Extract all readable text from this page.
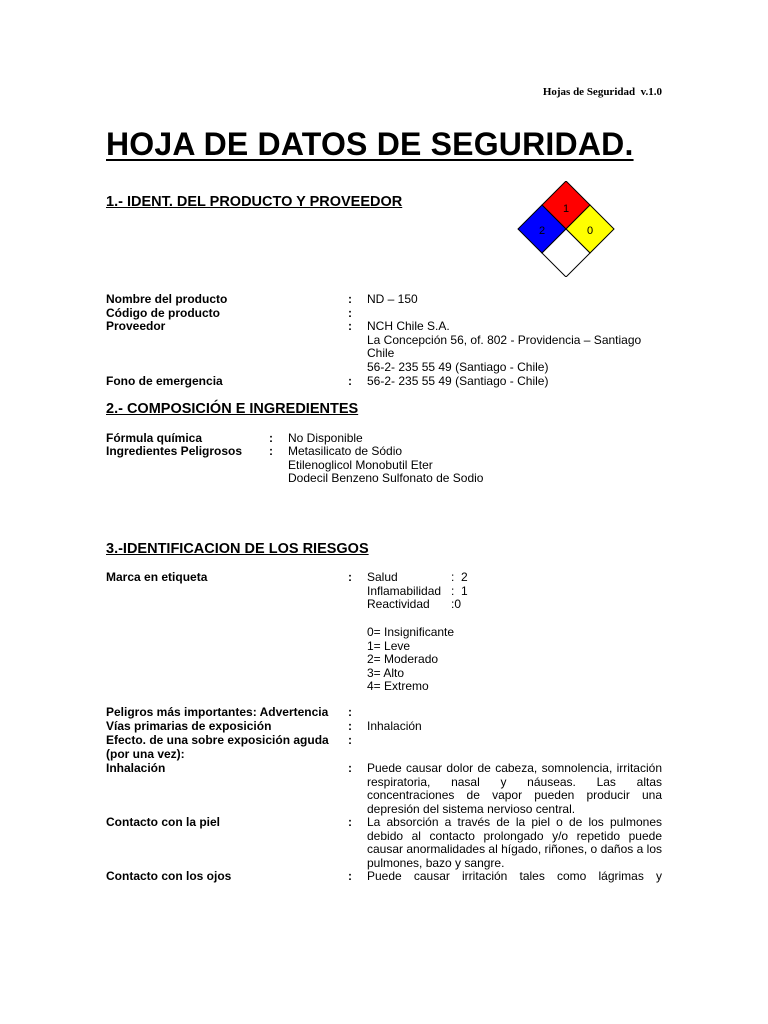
Hojas de Seguridad  v.1.0
HOJA DE DATOS DE SEGURIDAD.
1
2	0
1.- IDENT. DEL PRODUCTO Y PROVEEDOR
Nombre del producto	: ND – 150
Código de producto	:
Proveedor	: NCH Chile S.A.
La Concepción 56, of. 802 - Providencia – Santiago
Chile
56-2- 235 55 49 (Santiago - Chile)
Fono de emergencia	: 56-2- 235 55 49 (Santiago - Chile)
2.- COMPOSICIÓN E INGREDIENTES
Fórmula química	: No Disponible
Ingredientes Peligrosos : Metasilicato de Sódio
Etilenoglicol Monobutil Eter
Dodecil Benzeno Sulfonato de Sodio
3.-IDENTIFICACION DE LOS RIESGOS
Marca en etiqueta	: Salud	: 2
Inflamabilidad : 1
Reactividad :0
0= Insignificante
1= Leve
2= Moderado
3= Alto
4= Extremo
Peligros más importantes: Advertencia :
Vías primarias de exposición	: Inhalación
Efecto. de una sobre exposición aguda
(por una vez):
:
Inhalación	: Puede causar dolor de cabeza, somnolencia, irritación respiratoria, nasal y náuseas. Las altas concentraciones de vapor pueden producir una depresión del sistema nervioso central.
Contacto con la piel	: La absorción a través de la piel o de los pulmones debido al contacto prolongado y/o repetido puede causar anormalidades al hígado, riñones, o daños a los pulmones, bazo y sangre.
Contacto con los ojos	: Puede causar irritación tales como lágrimas y
